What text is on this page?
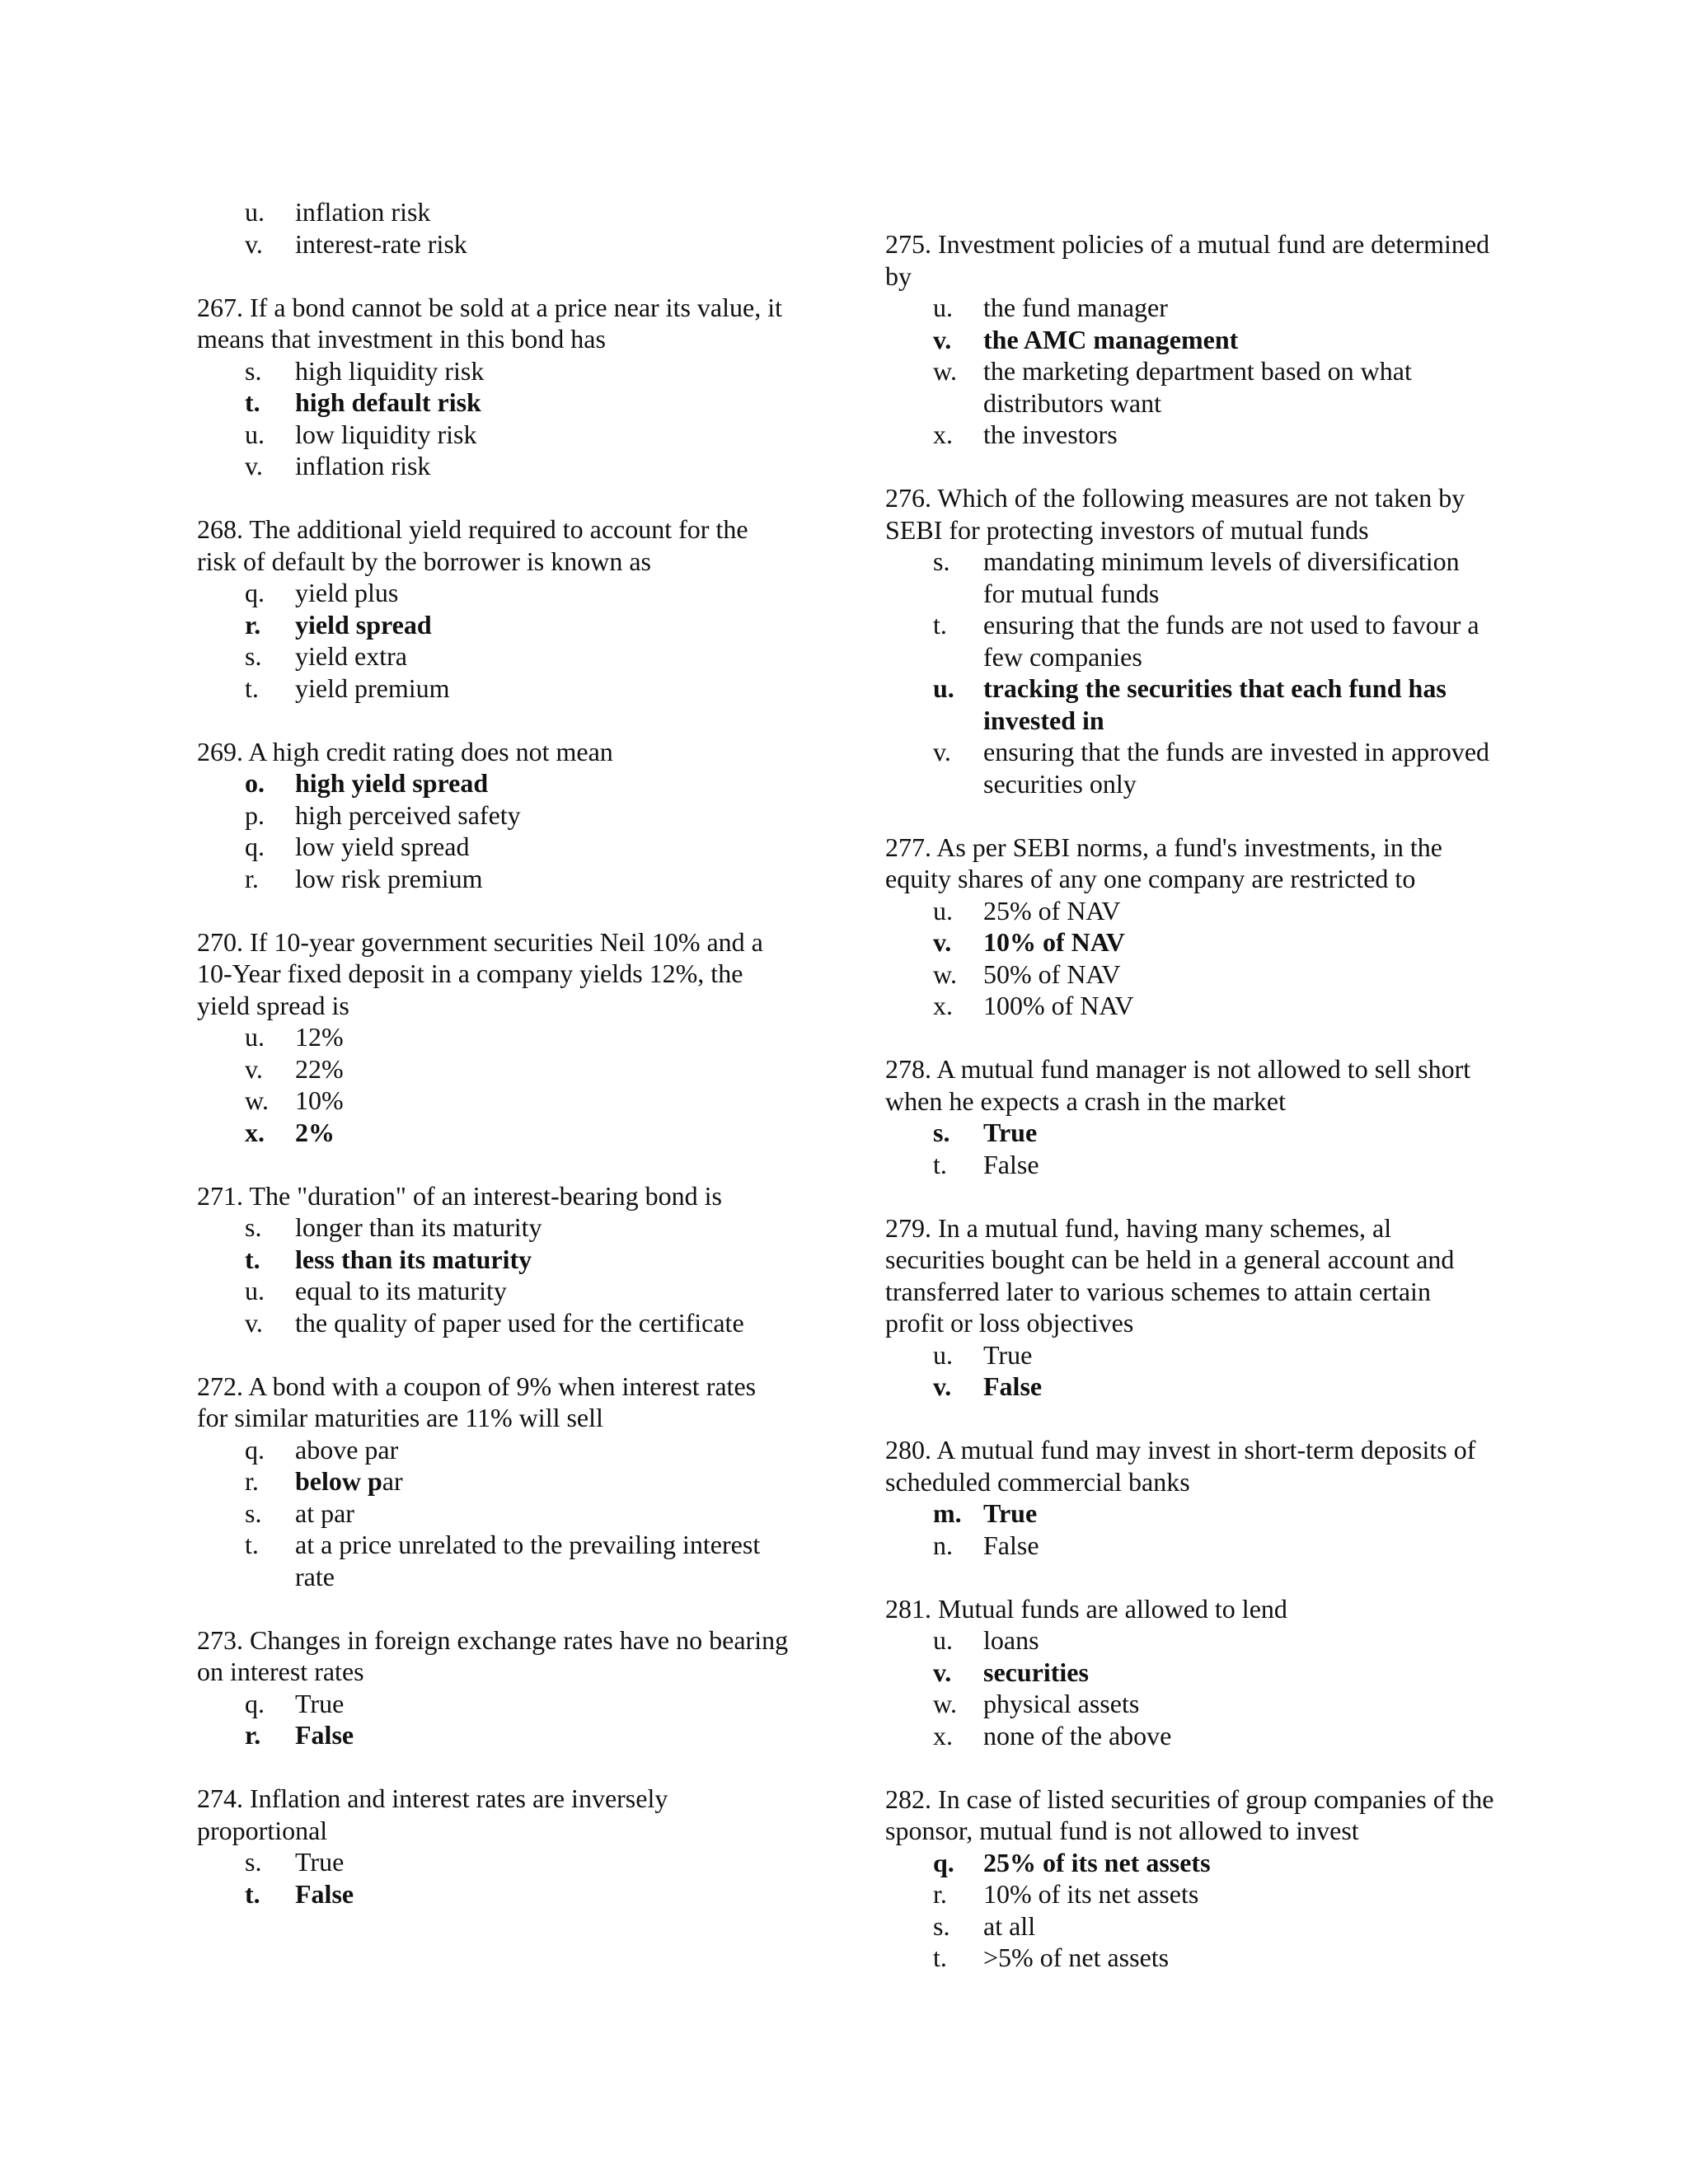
u. inflation risk
v. interest-rate risk
267. If a bond cannot be sold at a price near its value, it means that investment in this bond has
s. high liquidity risk
t. high default risk
u. low liquidity risk
v. inflation risk
268. The additional yield required to account for the risk of default by the borrower is known as
q. yield plus
r. yield spread
s. yield extra
t. yield premium
269. A high credit rating does not mean
o. high yield spread
p. high perceived safety
q. low yield spread
r. low risk premium
270. If 10-year government securities Neil 10% and a 10-Year fixed deposit in a company yields 12%, the yield spread is
u. 12%
v. 22%
w. 10%
x. 2%
271. The "duration" of an interest-bearing bond is
s. longer than its maturity
t. less than its maturity
u. equal to its maturity
v. the quality of paper used for the certificate
272. A bond with a coupon of 9% when interest rates for similar maturities are 11% will sell
q. above par
r. below par
s. at par
t. at a price unrelated to the prevailing interest rate
273. Changes in foreign exchange rates have no bearing on interest rates
q. True
r. False
274. Inflation and interest rates are inversely proportional
s. True
t. False
275. Investment policies of a mutual fund are determined by
u. the fund manager
v. the AMC management
w. the marketing department based on what distributors want
x. the investors
276. Which of the following measures are not taken by SEBI for protecting investors of mutual funds
s. mandating minimum levels of diversification for mutual funds
t. ensuring that the funds are not used to favour a few companies
u. tracking the securities that each fund has invested in
v. ensuring that the funds are invested in approved securities only
277. As per SEBI norms, a fund's investments, in the equity shares of any one company are restricted to
u. 25% of NAV
v. 10% of NAV
w. 50% of NAV
x. 100% of NAV
278. A mutual fund manager is not allowed to sell short when he expects a crash in the market
s. True
t. False
279. In a mutual fund, having many schemes, al securities bought can be held in a general account and transferred later to various schemes to attain certain profit or loss objectives
u. True
v. False
280. A mutual fund may invest in short-term deposits of scheduled commercial banks
m. True
n. False
281. Mutual funds are allowed to lend
u. loans
v. securities
w. physical assets
x. none of the above
282. In case of listed securities of group companies of the sponsor, mutual fund is not allowed to invest
q. 25% of its net assets
r. 10% of its net assets
s. at all
t. >5% of net assets
